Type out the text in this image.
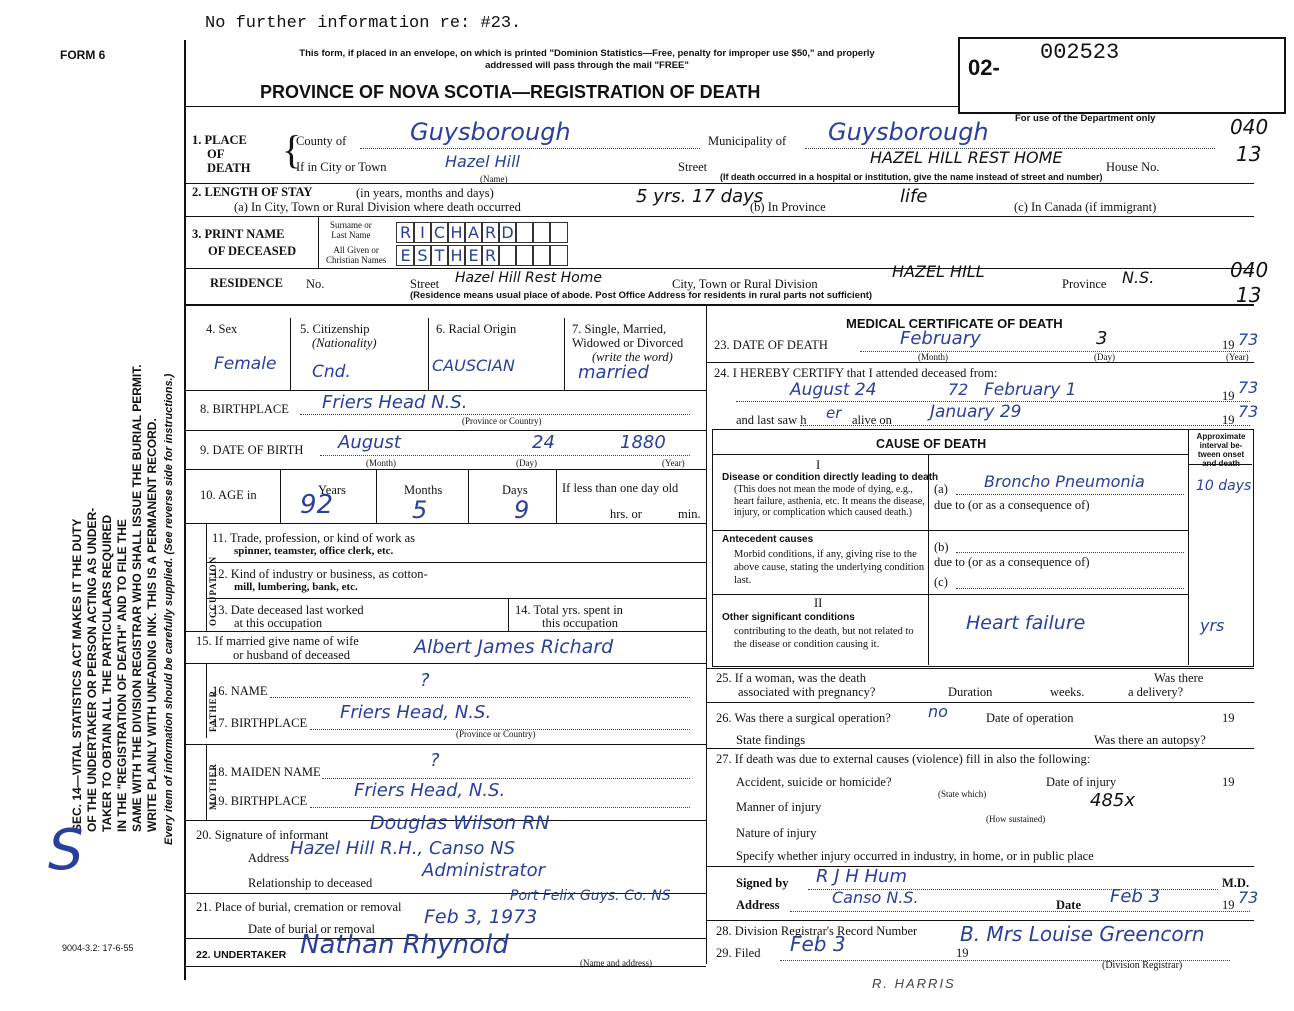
No further information re: #23.
FORM 6	This form, if placed in an envelope, on which is printed "Dominion Statistics—Free, penalty for improper use $50," and properly addressed will pass through the mail "FREE"
PROVINCE OF NOVA SCOTIA—REGISTRATION OF DEATH
02-
002523
For use of the Department only	040
13
SEC. 14—VITAL STATISTICS ACT MAKES IT THE DUTY OF THE UNDERTAKER OR PERSON ACTING AS UNDER- TAKER TO OBTAIN ALL THE PARTICULARS REQUIRED IN THE "REGISTRATION OF DEATH" AND TO FILE THE SAME WITH THE DIVISION REGISTRAR WHO SHALL ISSUE THE BURIAL PERMIT. WRITE PLAINLY WITH UNFADING INK. THIS IS A PERMANENT RECORD. Every item of information should be carefully supplied. (See reverse side for instructions.)
S
9004-3.2: 17-6-55
1. PLACE
OF
DEATH {
County of	Guysborough	Municipality of Guysborough
If in City or Town	Hazel Hill
(Name)
Street	HAZEL HILL REST HOME	House No.
(If death occurred in a hospital or institution, give the name instead of street and number)
2. LENGTH OF STAY	(in years, months and days)
(a) In City, Town or Rural Division where death occurred	5 yrs. 17 days
(b) In Province	life	(c) In Canada (if immigrant)
3. PRINT NAME
OF DECEASED
Surname or
Last Name
All Given or
Christian Names
R I C H A R D
E S T H E R
RESIDENCE No.	Street Hazel Hill Rest Home	City, Town or Rural Division
HAZEL HILL
Province N.S.
(Residence means usual place of abode. Post Office Address for residents in rural parts not sufficient)
040
13
4. Sex
Female
5. Citizenship
(Nationality)
Cnd.
6. Racial Origin
CAUSCIAN
7. Single, Married,
Widowed or Divorced
(write the word)
married
8. BIRTHPLACE Friers Head N.S.
(Province or Country)
9. DATE OF BIRTH August	24	1880
(Month)	(Day)	(Year)
10. AGE in	Years	Months	Days
92	5	9
If less than one day old
hrs. or	min.
OCCUPATION
11. Trade, profession, or kind of work as
spinner, teamster, office clerk, etc.
12. Kind of industry or business, as cotton-
mill, lumbering, bank, etc.
13. Date deceased last worked
at this occupation
14. Total yrs. spent in
this occupation
15. If married give name of wife
or husband of deceased	Albert James Richard
FATHER
16. NAME	?
17. BIRTHPLACE Friers Head, N.S.
(Province or Country)
MOTHER
18. MAIDEN NAME
?
19. BIRTHPLACE	Friers Head, N.S.
20. Signature of informant
Douglas Wilson RN
Address Hazel Hill R.H., Canso NS
Relationship to deceased
Administrator
21. Place of burial, cremation or removal
Port Felix Guys. Co. NS
Date of burial or removal
Feb 3, 1973
22. UNDERTAKER Nathan Rhynold
(Name and address)
MEDICAL CERTIFICATE OF DEATH
23. DATE OF DEATH	February	3	19 73
(Month)	(Day)	(Year)
24. I HEREBY CERTIFY that I attended deceased from:
August 24	72 February 1	19 73
and last saw h er alive on January 29	19 73
CAUSE OF DEATH
Approximate interval be- tween onset and death
I
Disease or condition directly leading to death
(This does not mean the mode of dying, e.g., heart failure, asthenia, etc. It means the disease, injury, or complication which caused death.)
(a) Broncho Pneumonia	10 days
due to (or as a consequence of)
Antecedent causes
Morbid conditions, if any, giving rise to the above cause, stating the underlying condition last.
(b)
due to (or as a consequence of)
(c)
II
Other significant conditions
contributing to the death, but not related to the disease or condition causing it.
Heart failure	yrs
25. If a woman, was the death
associated with pregnancy?	Duration	weeks.
Was there
a delivery?
26. Was there a surgical operation? no	Date of operation	19
State findings	Was there an autopsy?
27. If death was due to external causes (violence) fill in also the following:
Accident, suicide or homicide?	Date of injury	19
(State which)
Manner of injury	485x
(How sustained)
Nature of injury
Specify whether injury occurred in industry, in home, or in public place
Signed by R J H Hum	M.D.
Address	Canso N.S.	Date Feb 3	19 73
28. Division Registrar's Record Number
29. Filed Feb 3	19
B. Mrs Louise Greencorn
(Division Registrar)
R. HARRIS
